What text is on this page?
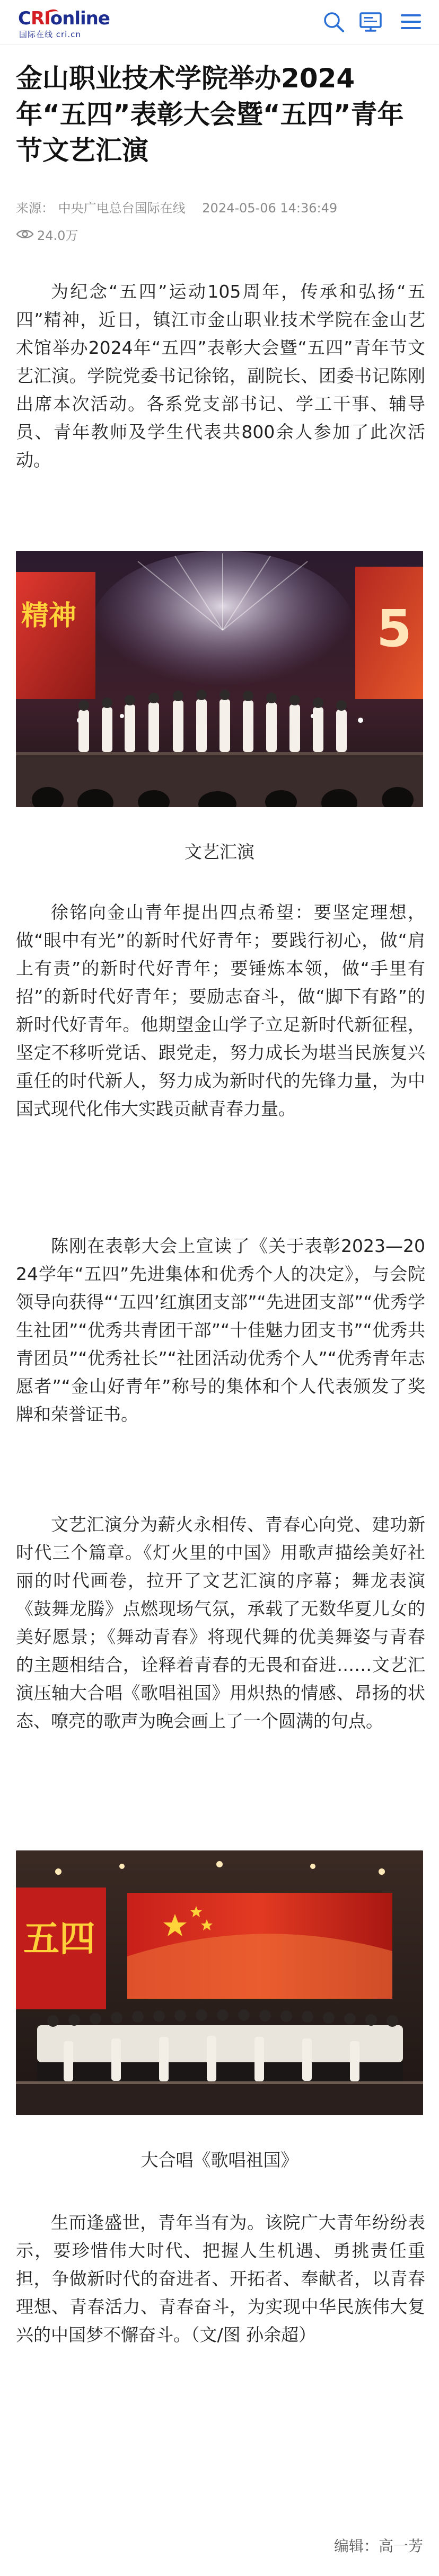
CRIonline
国际在线 cri.cn
金山职业技术学院举办2024年“五四”表彰大会暨“五四”青年节文艺汇演
来源： 中央广电总台国际在线 2024-05-06 14:36:49
24.0万

为纪念“五四”运动105周年，传承和弘扬“五四”精神，近日，镇江市金山职业技术学院在金山艺术馆举办2024年“五四”表彰大会暨“五四”青年节文艺汇演。学院党委书记徐铭，副院长、团委书记陈刚出席本次活动。各系党支部书记、学工干事、辅导员、青年教师及学生代表共800余人参加了此次活动。

精神	5
文艺汇演

徐铭向金山青年提出四点希望：要坚定理想，做“眼中有光”的新时代好青年；要践行初心，做“肩上有责”的新时代好青年；要锤炼本领，做“手里有招”的新时代好青年；要励志奋斗，做“脚下有路”的新时代好青年。他期望金山学子立足新时代新征程，坚定不移听党话、跟党走，努力成长为堪当民族复兴重任的时代新人，努力成为新时代的先锋力量，为中国式现代化伟大实践贡献青春力量。

陈刚在表彰大会上宣读了《关于表彰2023—2024学年“五四”先进集体和优秀个人的决定》，与会院领导向获得“‘五四’红旗团支部”“先进团支部”“优秀学生社团”“优秀共青团干部”“十佳魅力团支书”“优秀共青团员”“优秀社长”“社团活动优秀个人”“优秀青年志愿者”“金山好青年”称号的集体和个人代表颁发了奖牌和荣誉证书。

文艺汇演分为薪火永相传、青春心向党、建功新时代三个篇章。《灯火里的中国》用歌声描绘美好社丽的时代画卷，拉开了文艺汇演的序幕；舞龙表演《鼓舞龙腾》点燃现场气氛，承载了无数华夏儿女的美好愿景；《舞动青春》将现代舞的优美舞姿与青春的主题相结合，诠释着青春的无畏和奋进……文艺汇演压轴大合唱《歌唱祖国》用炽热的情感、昂扬的状态、嘹亮的歌声为晚会画上了一个圆满的句点。

五四
大合唱《歌唱祖国》

生而逢盛世，青年当有为。该院广大青年纷纷表示，要珍惜伟大时代、把握人生机遇、勇挑责任重担，争做新时代的奋进者、开拓者、奉献者，以青春理想、青春活力、青春奋斗，为实现中华民族伟大复兴的中国梦不懈奋斗。（文/图 孙余超）

编辑：高一芳
